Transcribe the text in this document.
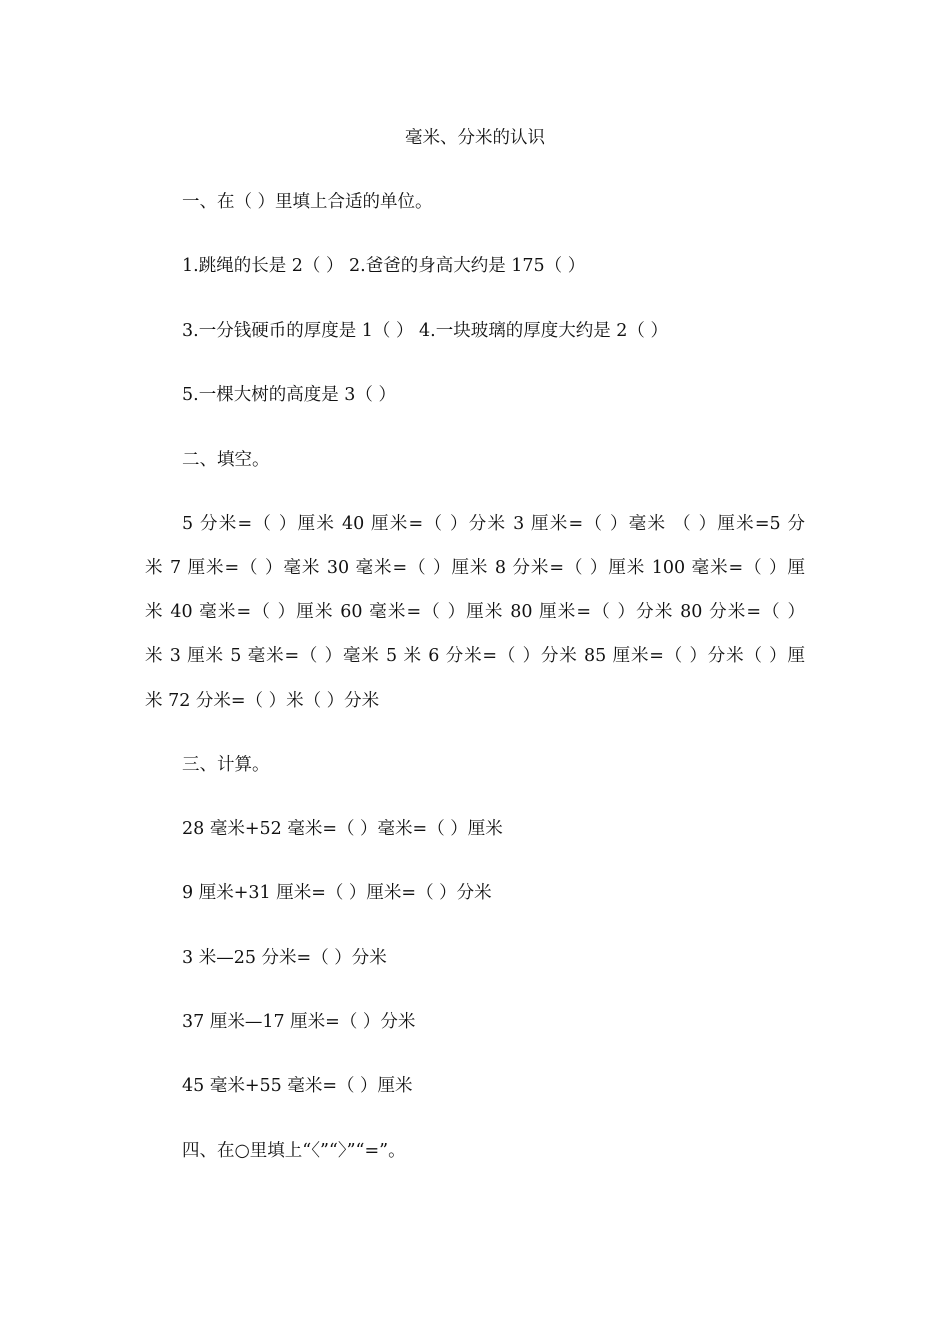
毫米、分米的认识
一、在（ ）里填上合适的单位。
1.跳绳的长是 2（ ） 2.爸爸的身高大约是 175（ ）
3.一分钱硬币的厚度是 1（ ） 4.一块玻璃的厚度大约是 2（ ）
5.一棵大树的高度是 3（ ）
二、填空。
5 分米=（ ）厘米 40 厘米=（ ）分米 3 厘米=（ ）毫米 （ ）厘米=5 分
米 7 厘米=（ ）毫米 30 毫米=（ ）厘米 8 分米=（ ）厘米 100 毫米=（ ）厘
米 40 毫米=（ ）厘米 60 毫米=（ ）厘米 80 厘米=（ ）分米 80 分米=（ ）
米 3 厘米 5 毫米=（ ）毫米 5 米 6 分米=（ ）分米 85 厘米=（ ）分米（ ）厘
米 72 分米=（ ）米（ ）分米
三、计算。
28 毫米+52 毫米=（ ）毫米=（ ）厘米
9 厘米+31 厘米=（ ）厘米=（ ）分米
3 米—25 分米=（ ）分米
37 厘米—17 厘米=（ ）分米
45 毫米+55 毫米=（ ）厘米
四、在○里填上“〈”“〉”“=”。
